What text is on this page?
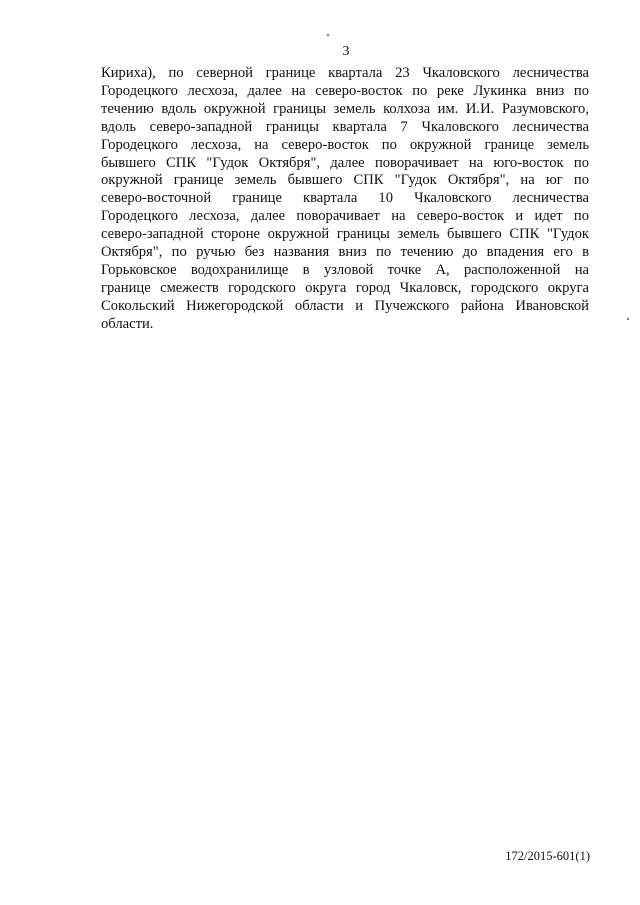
3

Кириха), по северной границе квартала 23 Чкаловского лесничества
Городецкого лесхоза, далее на северо-восток по реке Лукинка вниз по
течению вдоль окружной границы земель колхоза им. И.И. Разумовского,
вдоль северо-западной границы квартала 7 Чкаловского лесничества
Городецкого лесхоза, на северо-восток по окружной границе земель
бывшего СПК "Гудок Октября", далее поворачивает на юго-восток по
окружной границе земель бывшего СПК "Гудок Октября", на юг по
северо-восточной границе квартала 10 Чкаловского лесничества
Городецкого лесхоза, далее поворачивает на северо-восток и идет по
северо-западной стороне окружной границы земель бывшего СПК "Гудок
Октября", по ручью без названия вниз по течению до впадения его в
Горьковское водохранилище в узловой точке А, расположенной на
границе смежеств городского округа город Чкаловск, городского округа
Сокольский Нижегородской области и Пучежского района Ивановской
области.

172/2015-601(1)
